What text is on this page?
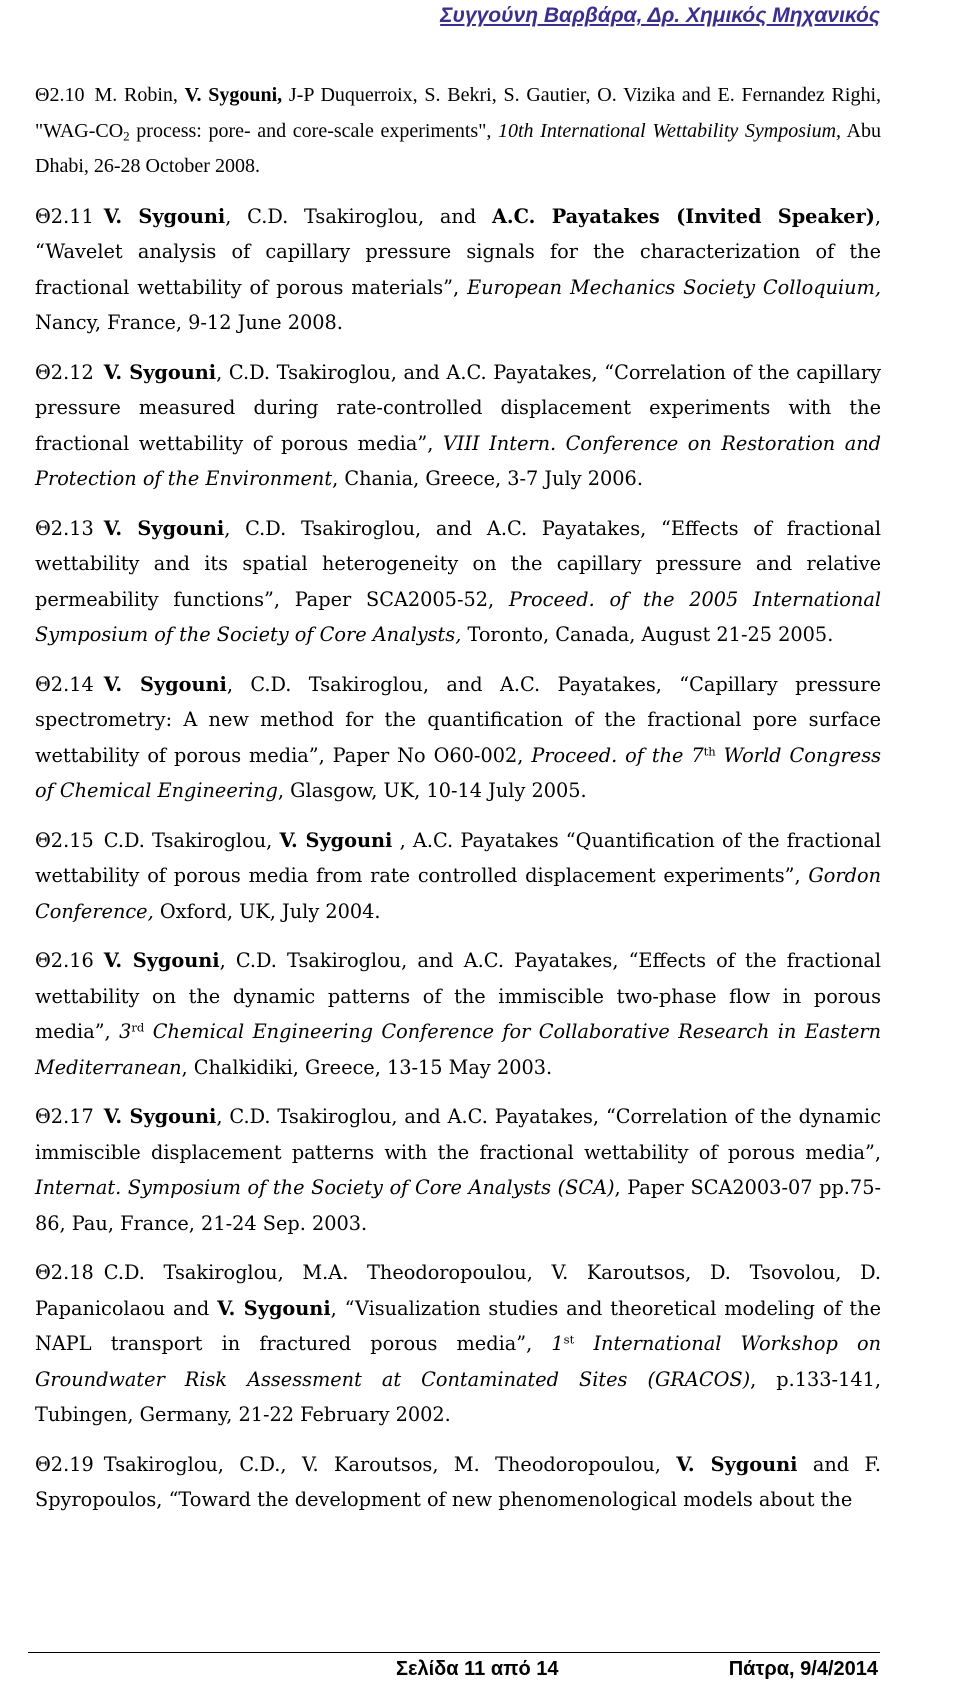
Συγγούνη Βαρβάρα, Δρ. Χημικός Μηχανικός

Θ2.10 M. Robin, V. Sygouni, J-P Duquerroix, S. Bekri, S. Gautier, O. Vizika and E. Fernandez Righi, "$WAG-CO_2$ process: pore- and core-scale experiments", 10th International Wettability Symposium, Abu Dhabi, 26-28 October 2008.

Θ2.11 V. Sygouni, C.D. Tsakiroglou, and A.C. Payatakes (Invited Speaker), “Wavelet analysis of capillary pressure signals for the characterization of the fractional wettability of porous materials”, European Mechanics Society Colloquium, Nancy, France, 9-12 June 2008.

Θ2.12 V. Sygouni, C.D. Tsakiroglou, and A.C. Payatakes, “Correlation of the capillary pressure measured during rate-controlled displacement experiments with the fractional wettability of porous media”, VIII Intern. Conference on Restoration and Protection of the Environment, Chania, Greece, 3-7 July 2006.

Θ2.13 V. Sygouni, C.D. Tsakiroglou, and A.C. Payatakes, “Effects of fractional wettability and its spatial heterogeneity on the capillary pressure and relative permeability functions”, Paper SCA2005-52, Proceed. of the 2005 International Symposium of the Society of Core Analysts, Toronto, Canada, August 21-25 2005.

Θ2.14 V. Sygouni, C.D. Tsakiroglou, and A.C. Payatakes, “Capillary pressure spectrometry: A new method for the quantification of the fractional pore surface wettability of porous media”, Paper No O60-002, Proceed. of the 7th World Congress of Chemical Engineering, Glasgow, UK, 10-14 July 2005.

Θ2.15 C.D. Tsakiroglou, V. Sygouni , A.C. Payatakes “Quantification of the fractional wettability of porous media from rate controlled displacement experiments”, Gordon Conference, Oxford, UK, July 2004.

Θ2.16 V. Sygouni, C.D. Tsakiroglou, and A.C. Payatakes, “Effects of the fractional wettability on the dynamic patterns of the immiscible two-phase flow in porous media”, 3rd Chemical Engineering Conference for Collaborative Research in Eastern Mediterranean, Chalkidiki, Greece, 13-15 May 2003.

Θ2.17 V. Sygouni, C.D. Tsakiroglou, and A.C. Payatakes, “Correlation of the dynamic immiscible displacement patterns with the fractional wettability of porous media”, Internat. Symposium of the Society of Core Analysts (SCA), Paper SCA2003-07 pp.75-86, Pau, France, 21-24 Sep. 2003.

Θ2.18 C.D. Tsakiroglou, M.A. Theodoropoulou, V. Karoutsos, D. Tsovolou, D. Papanicolaou and V. Sygouni, “Visualization studies and theoretical modeling of the NAPL transport in fractured porous media”, 1st International Workshop on Groundwater Risk Assessment at Contaminated Sites (GRACOS), p.133-141, Tubingen, Germany, 21-22 February 2002.

Θ2.19 Tsakiroglou, C.D., V. Karoutsos, M. Theodoropoulou, V. Sygouni and F. Spyropoulos, “Toward the development of new phenomenological models about the

Σελίδα 11 από 14	Πάτρα, 9/4/2014
